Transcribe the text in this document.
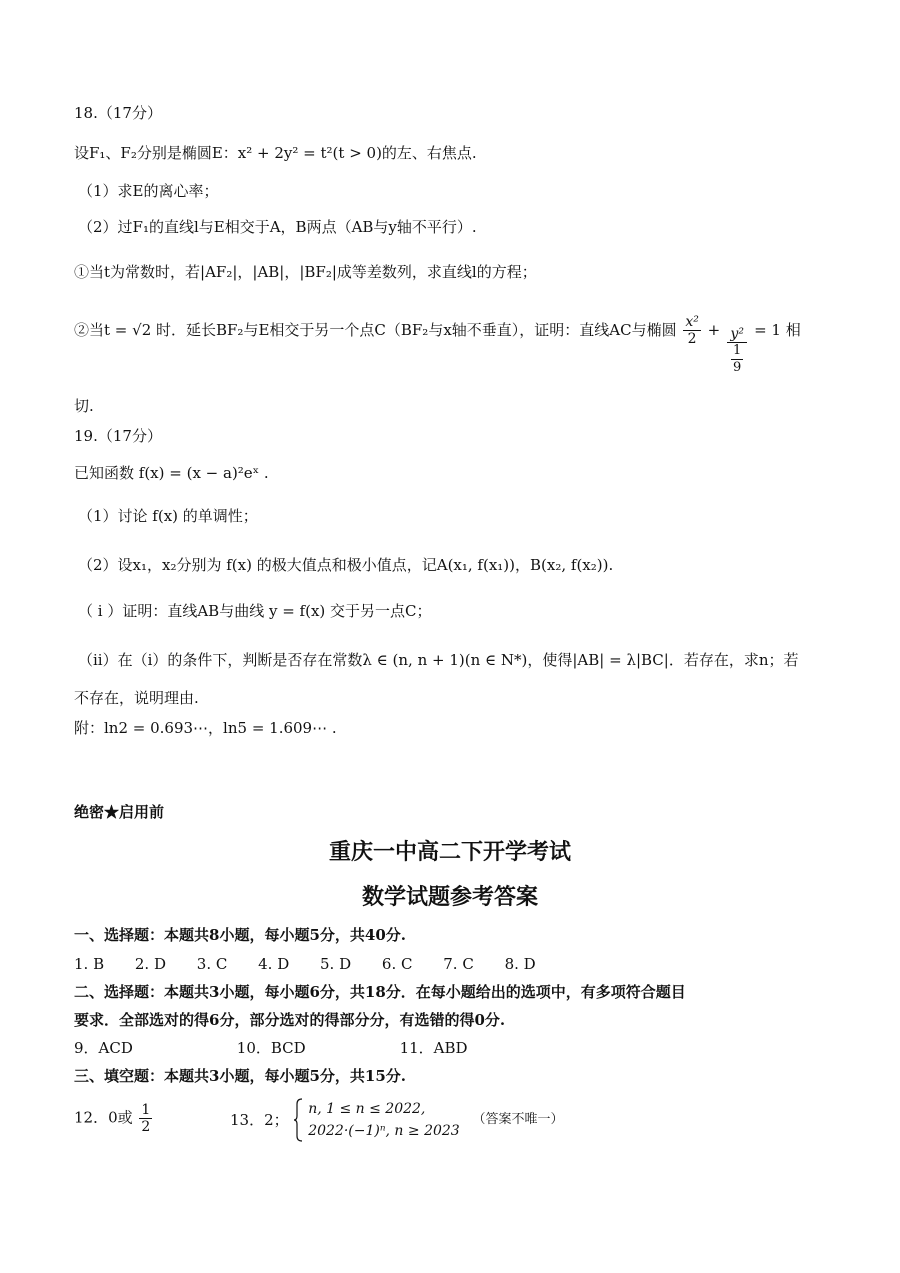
18.（17分）
设F₁、F₂分别是椭圆E：x² + 2y² = t²(t > 0)的左、右焦点.
（1）求E的离心率；
（2）过F₁的直线l与E相交于A，B两点（AB与y轴不平行）.
①当t为常数时，若|AF₂|，|AB|，|BF₂|成等差数列，求直线l的方程；
②当t = √2 时．延长BF₂与E相交于另一个点C（BF₂与x轴不垂直），证明：直线AC与椭圆 $\frac{\text{x²}}{2} + \frac{\text{y²}}{\frac{1}{9}} = 1$ 相
切.
19.（17分）
已知函数 f(x) = (x − a)²eˣ .
（1）讨论 f(x) 的单调性；
（2）设x₁，x₂分别为 f(x) 的极大值点和极小值点，记A(x₁, f(x₁))，B(x₂, f(x₂)).
（ i ）证明：直线AB与曲线 y = f(x) 交于另一点C；
（ii）在（i）的条件下，判断是否存在常数λ ∈ (n, n + 1)(n ∈ N*)，使得|AB| = λ|BC|．若存在，求n；若
不存在，说明理由.
附：ln2 = 0.693⋯，ln5 = 1.609⋯ .
绝密★启用前
重庆一中高二下开学考试
数学试题参考答案
一、选择题：本题共8小题，每小题5分，共40分.
1. B 2. D 3. C 4. D 5. D 6. C 7. C 8. D
二、选择题：本题共3小题，每小题6分，共18分．在每小题给出的选项中，有多项符合题目
要求．全部选对的得6分，部分选对的得部分分，有选错的得0分.
9．ACD	10．BCD	11．ABD
三、填空题：本题共3小题，每小题5分，共15分.
12．0或 $\frac{1}{2}$	13．2；
n, 1 ≤ n ≤ 2022,
2022·(−1)ⁿ, n ≥ 2023
（答案不唯一）
